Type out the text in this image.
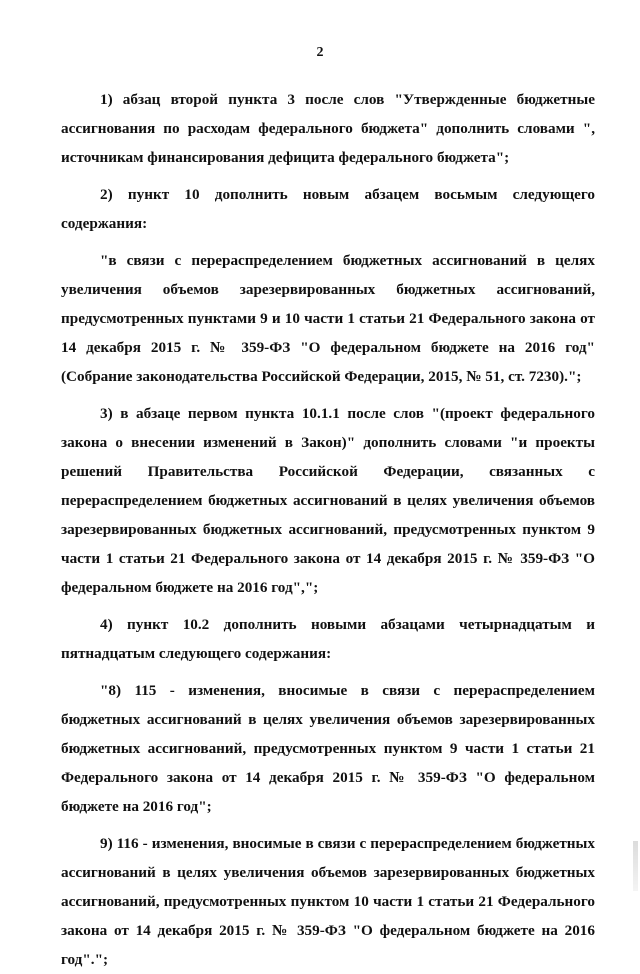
2

1) абзац второй пункта 3 после слов "Утвержденные бюджетные ассигнования по расходам федерального бюджета" дополнить словами ", источникам финансирования дефицита федерального бюджета";

2) пункт 10 дополнить новым абзацем восьмым следующего содержания:

"в связи с перераспределением бюджетных ассигнований в целях увеличения объемов зарезервированных бюджетных ассигнований, предусмотренных пунктами 9 и 10 части 1 статьи 21 Федерального закона от 14 декабря 2015 г. № 359-ФЗ "О федеральном бюджете на 2016 год" (Собрание законодательства Российской Федерации, 2015, № 51, ст. 7230).";

3) в абзаце первом пункта 10.1.1 после слов "(проект федерального закона о внесении изменений в Закон)" дополнить словами "и проекты решений Правительства Российской Федерации, связанных с перераспределением бюджетных ассигнований в целях увеличения объемов зарезервированных бюджетных ассигнований, предусмотренных пунктом 9 части 1 статьи 21 Федерального закона от 14 декабря 2015 г. № 359-ФЗ "О федеральном бюджете на 2016 год",";

4) пункт 10.2 дополнить новыми абзацами четырнадцатым и пятнадцатым следующего содержания:

"8) 115 - изменения, вносимые в связи с перераспределением бюджетных ассигнований в целях увеличения объемов зарезервированных бюджетных ассигнований, предусмотренных пунктом 9 части 1 статьи 21 Федерального закона от 14 декабря 2015 г. № 359-ФЗ "О федеральном бюджете на 2016 год";

9) 116 - изменения, вносимые в связи с перераспределением бюджетных ассигнований в целях увеличения объемов зарезервированных бюджетных ассигнований, предусмотренных пунктом 10 части 1 статьи 21 Федерального закона от 14 декабря 2015 г. № 359-ФЗ "О федеральном бюджете на 2016 год".";
